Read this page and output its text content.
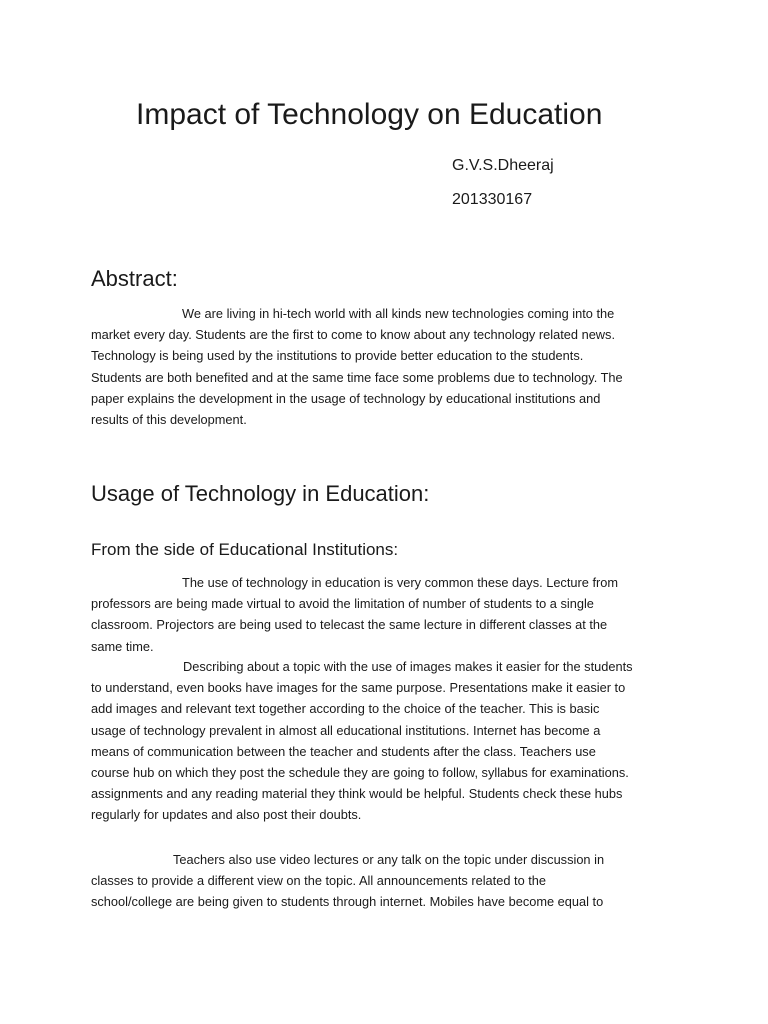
Impact of Technology on Education
G.V.S.Dheeraj
201330167
Abstract:

We are living in hi-tech world with all kinds new technologies coming into the
market every day. Students are the first to come to know about any technology related news.
Technology is being used by the institutions to provide better education to the students.
Students are both benefited and at the same time face some problems due to technology. The
paper explains the development in the usage of technology by educational institutions and
results of this development.

Usage of Technology in Education:
From the side of Educational Institutions:

The use of technology in education is very common these days. Lecture from
professors are being made virtual to avoid the limitation of number of students to a single
classroom. Projectors are being used to telecast the same lecture in different classes at the
same time.

Describing about a topic with the use of images makes it easier for the students
to understand, even books have images for the same purpose. Presentations make it easier to
add images and relevant text together according to the choice of the teacher. This is basic
usage of technology prevalent in almost all educational institutions. Internet has become a
means of communication between the teacher and students after the class. Teachers use
course hub on which they post the schedule they are going to follow, syllabus for examinations.
assignments and any reading material they think would be helpful. Students check these hubs
regularly for updates and also post their doubts.

Teachers also use video lectures or any talk on the topic under discussion in
classes to provide a different view on the topic. All announcements related to the
school/college are being given to students through internet. Mobiles have become equal to
